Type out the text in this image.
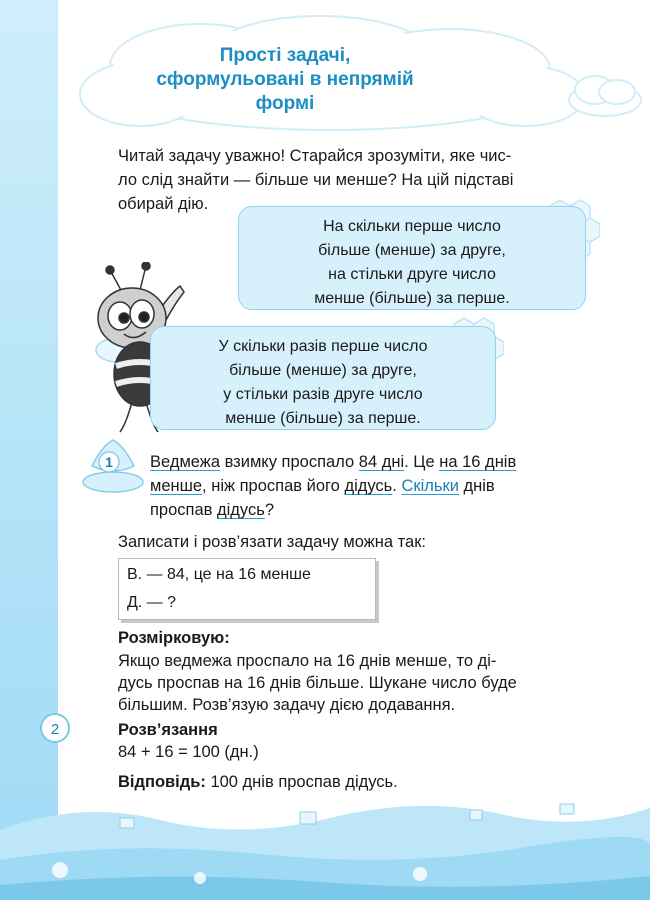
Прості задачі,
сформульовані в непрямій
формі
Читай задачу уважно! Старайся зрозуміти, яке чис-
ло слід знайти — більше чи менше? На цій підставі
обирай дію.
На скільки перше число
більше (менше) за друге,
на стільки друге число
менше (більше) за перше.
У скільки разів перше число
більше (менше) за друге,
у стільки разів друге число
менше (більше) за перше.
1 Ведмежа взимку проспало 84 дні. Це на 16 днів
менше, ніж проспав його дідусь. Скільки днів
проспав дідусь?
Записати і розв’язати задачу можна так:
В. — 84, це на 16 менше
Д. — ?
Розмірковую:
Якщо ведмежа проспало на 16 днів менше, то ді-
дусь проспав на 16 днів більше. Шукане число буде
більшим. Розв’язую задачу дією додавання.
2	Розв’язання
84 + 16 = 100 (дн.)
Відповідь: 100 днів проспав дідусь.
